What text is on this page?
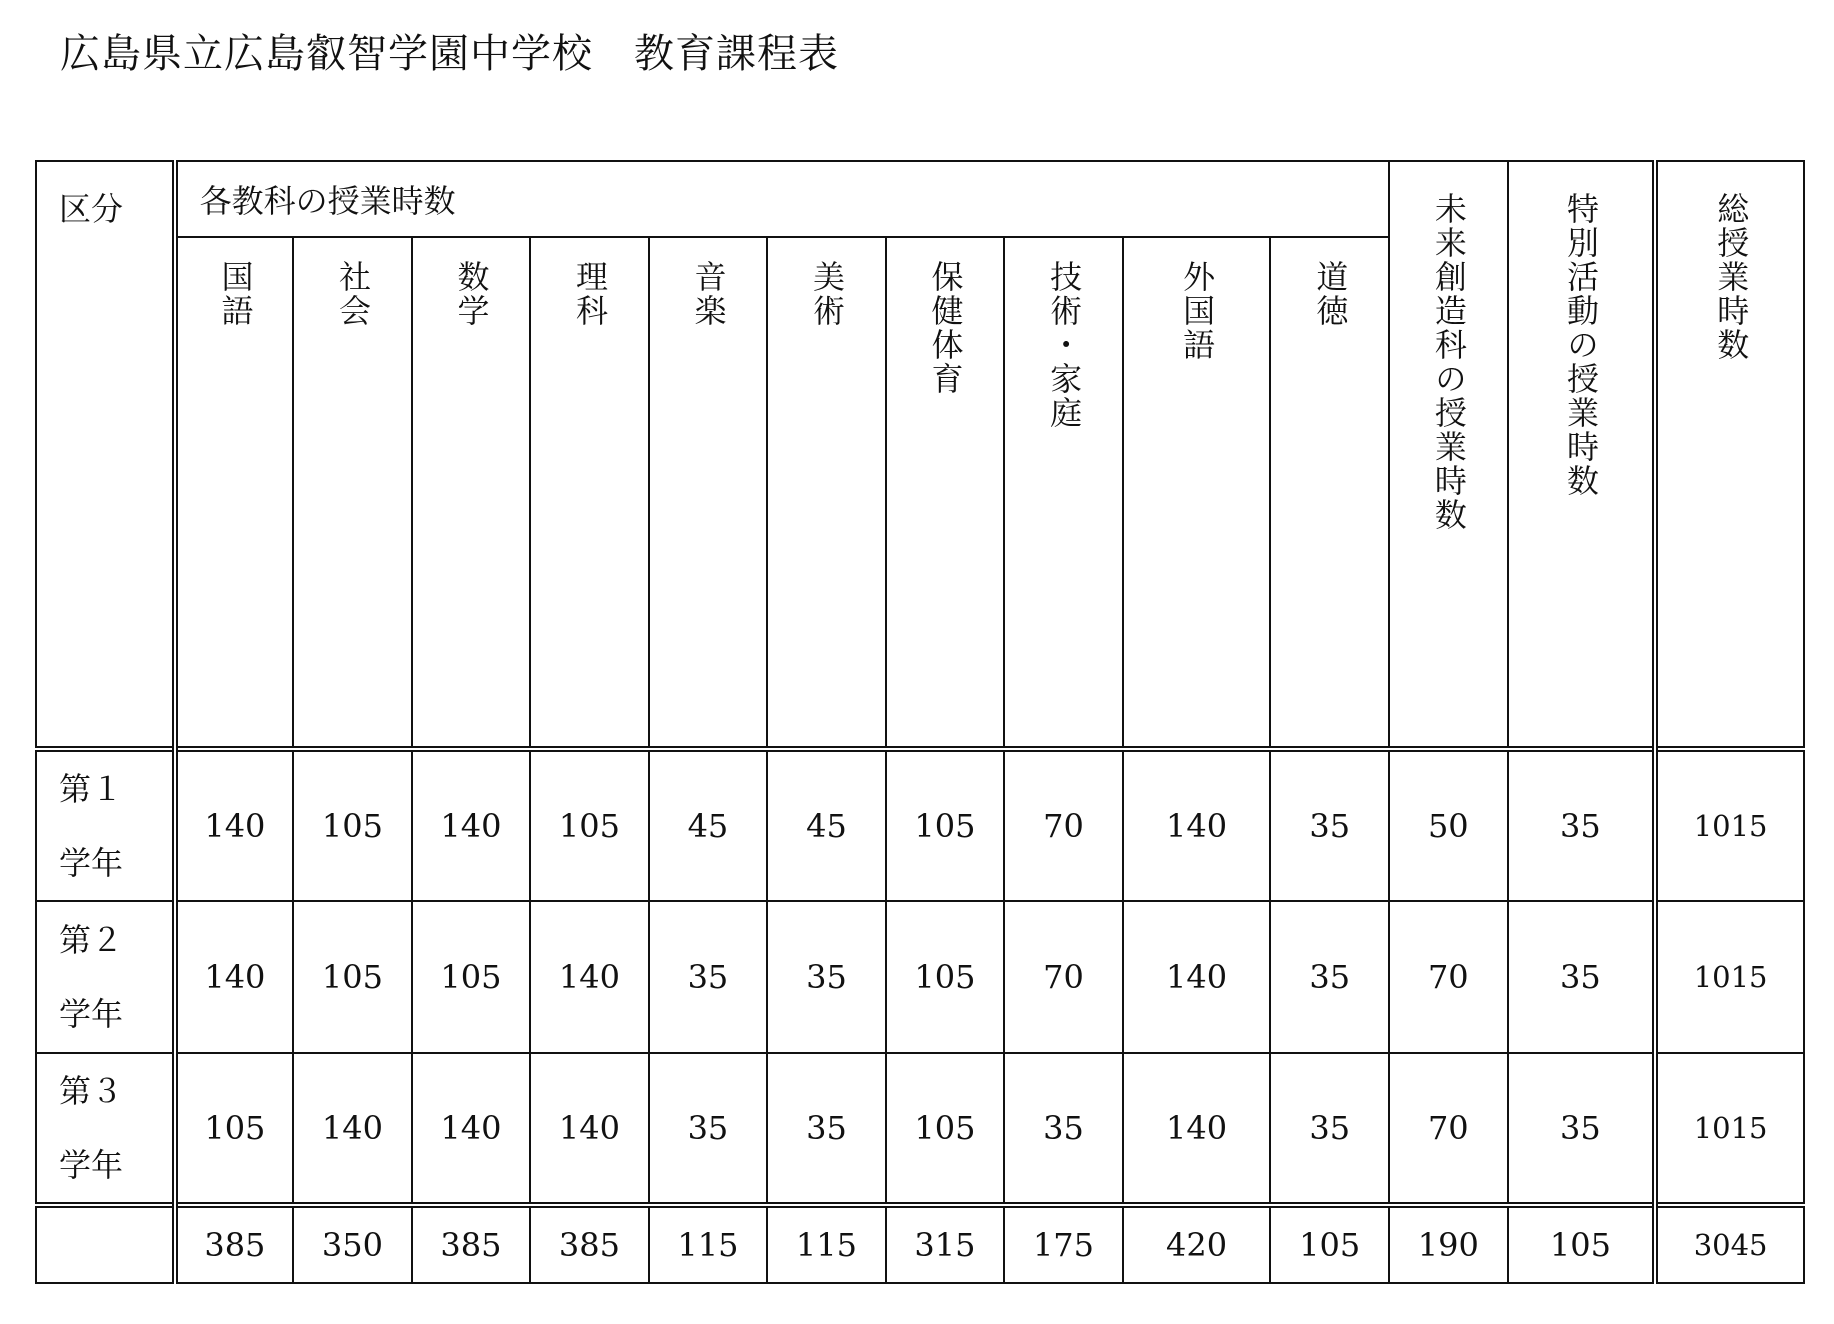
広島県立広島叡智学園中学校　教育課程表
区分	各教科の授業時数										未来創造科の授業時数	特別活動の授業時数	総授業時数
	国語	社会	数学	理科	音楽	美術	保健体育	技術・家庭	外国語	道徳			

第１
学年	140	105	140	105	45	45	105	70	140	35	50	35	1015

第２
学年	140	105	105	140	35	35	105	70	140	35	70	35	1015

第３
学年	105	140	140	140	35	35	105	35	140	35	70	35	1015
	385	350	385	385	115	115	315	175	420	105	190	105	3045
